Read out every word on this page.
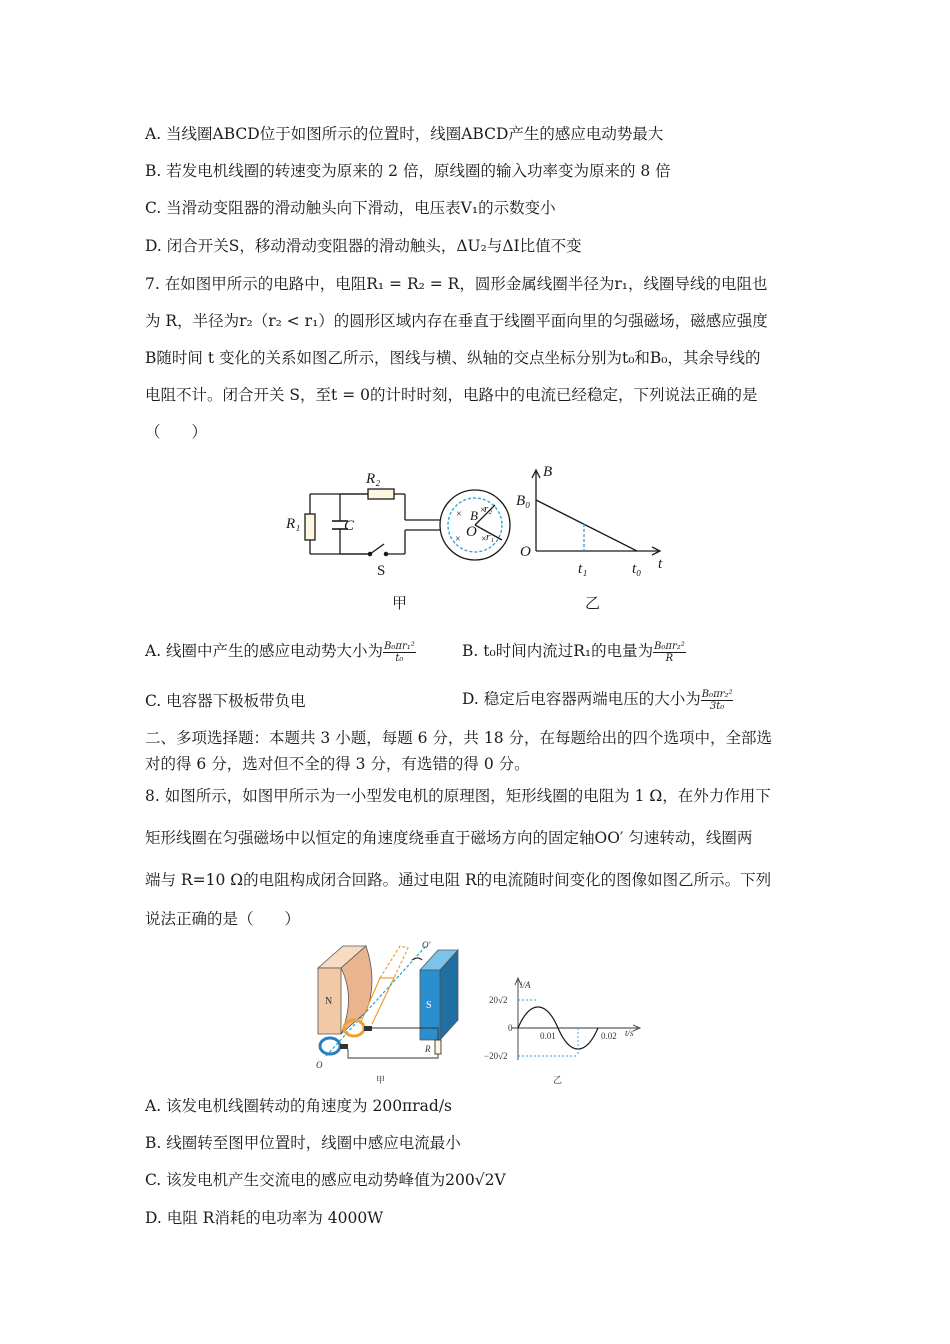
A. 当线圈ABCD位于如图所示的位置时，线圈ABCD产生的感应电动势最大
B. 若发电机线圈的转速变为原来的 2 倍，原线圈的输入功率变为原来的 8 倍
C. 当滑动变阻器的滑动触头向下滑动，电压表V₁的示数变小
D. 闭合开关S，移动滑动变阻器的滑动触头，ΔU₂与ΔI比值不变
7. 在如图甲所示的电路中，电阻R₁ = R₂ = R，圆形金属线圈半径为r₁，线圈导线的电阻也
为 R，半径为r₂（r₂ < r₁）的圆形区域内存在垂直于线圈平面向里的匀强磁场，磁感应强度
B随时间 t 变化的关系如图乙所示，图线与横、纵轴的交点坐标分别为t₀和B₀，其余导线的
电阻不计。闭合开关 S，至t = 0的计时时刻，电路中的电流已经稳定，下列说法正确的是
（　　）
× ×
× ×
R₁
R₂
C	O
B r₂
r₁
S
甲
B
B₀
O
t₁	t₀ t
乙
A. 线圈中产生的感应电动势大小为 $\frac{\text{B₀πr₁²}}{\text{t₀}}$	B. t₀时间内流过R₁的电量为 $\frac{\text{B₀πr₂²}}{R}$
C. 电容器下极板带负电	D. 稳定后电容器两端电压的大小为 $\frac{\text{B₀πr₂²}}{\text{3t₀}}$
二、多项选择题：本题共 3 小题，每题 6 分，共 18 分，在每题给出的四个选项中，全部选
对的得 6 分，选对但不全的得 3 分，有选错的得 0 分。
8. 如图所示，如图甲所示为一小型发电机的原理图，矩形线圈的电阻为 1 Ω，在外力作用下
矩形线圈在匀强磁场中以恒定的角速度绕垂直于磁场方向的固定轴OO′ 匀速转动，线圈两
端与 R=10 Ω的电阻构成闭合回路。通过电阻 R的电流随时间变化的图像如图乙所示。下列
说法正确的是（　　）
N	S
O′
O
R
甲
i/A
t/s
20√2
−20√2
0
0.01	0.02
乙
A. 该发电机线圈转动的角速度为 200πrad/s
B. 线圈转至图甲位置时，线圈中感应电流最小
C. 该发电机产生交流电的感应电动势峰值为200√2V
D. 电阻 R消耗的电功率为 4000W
